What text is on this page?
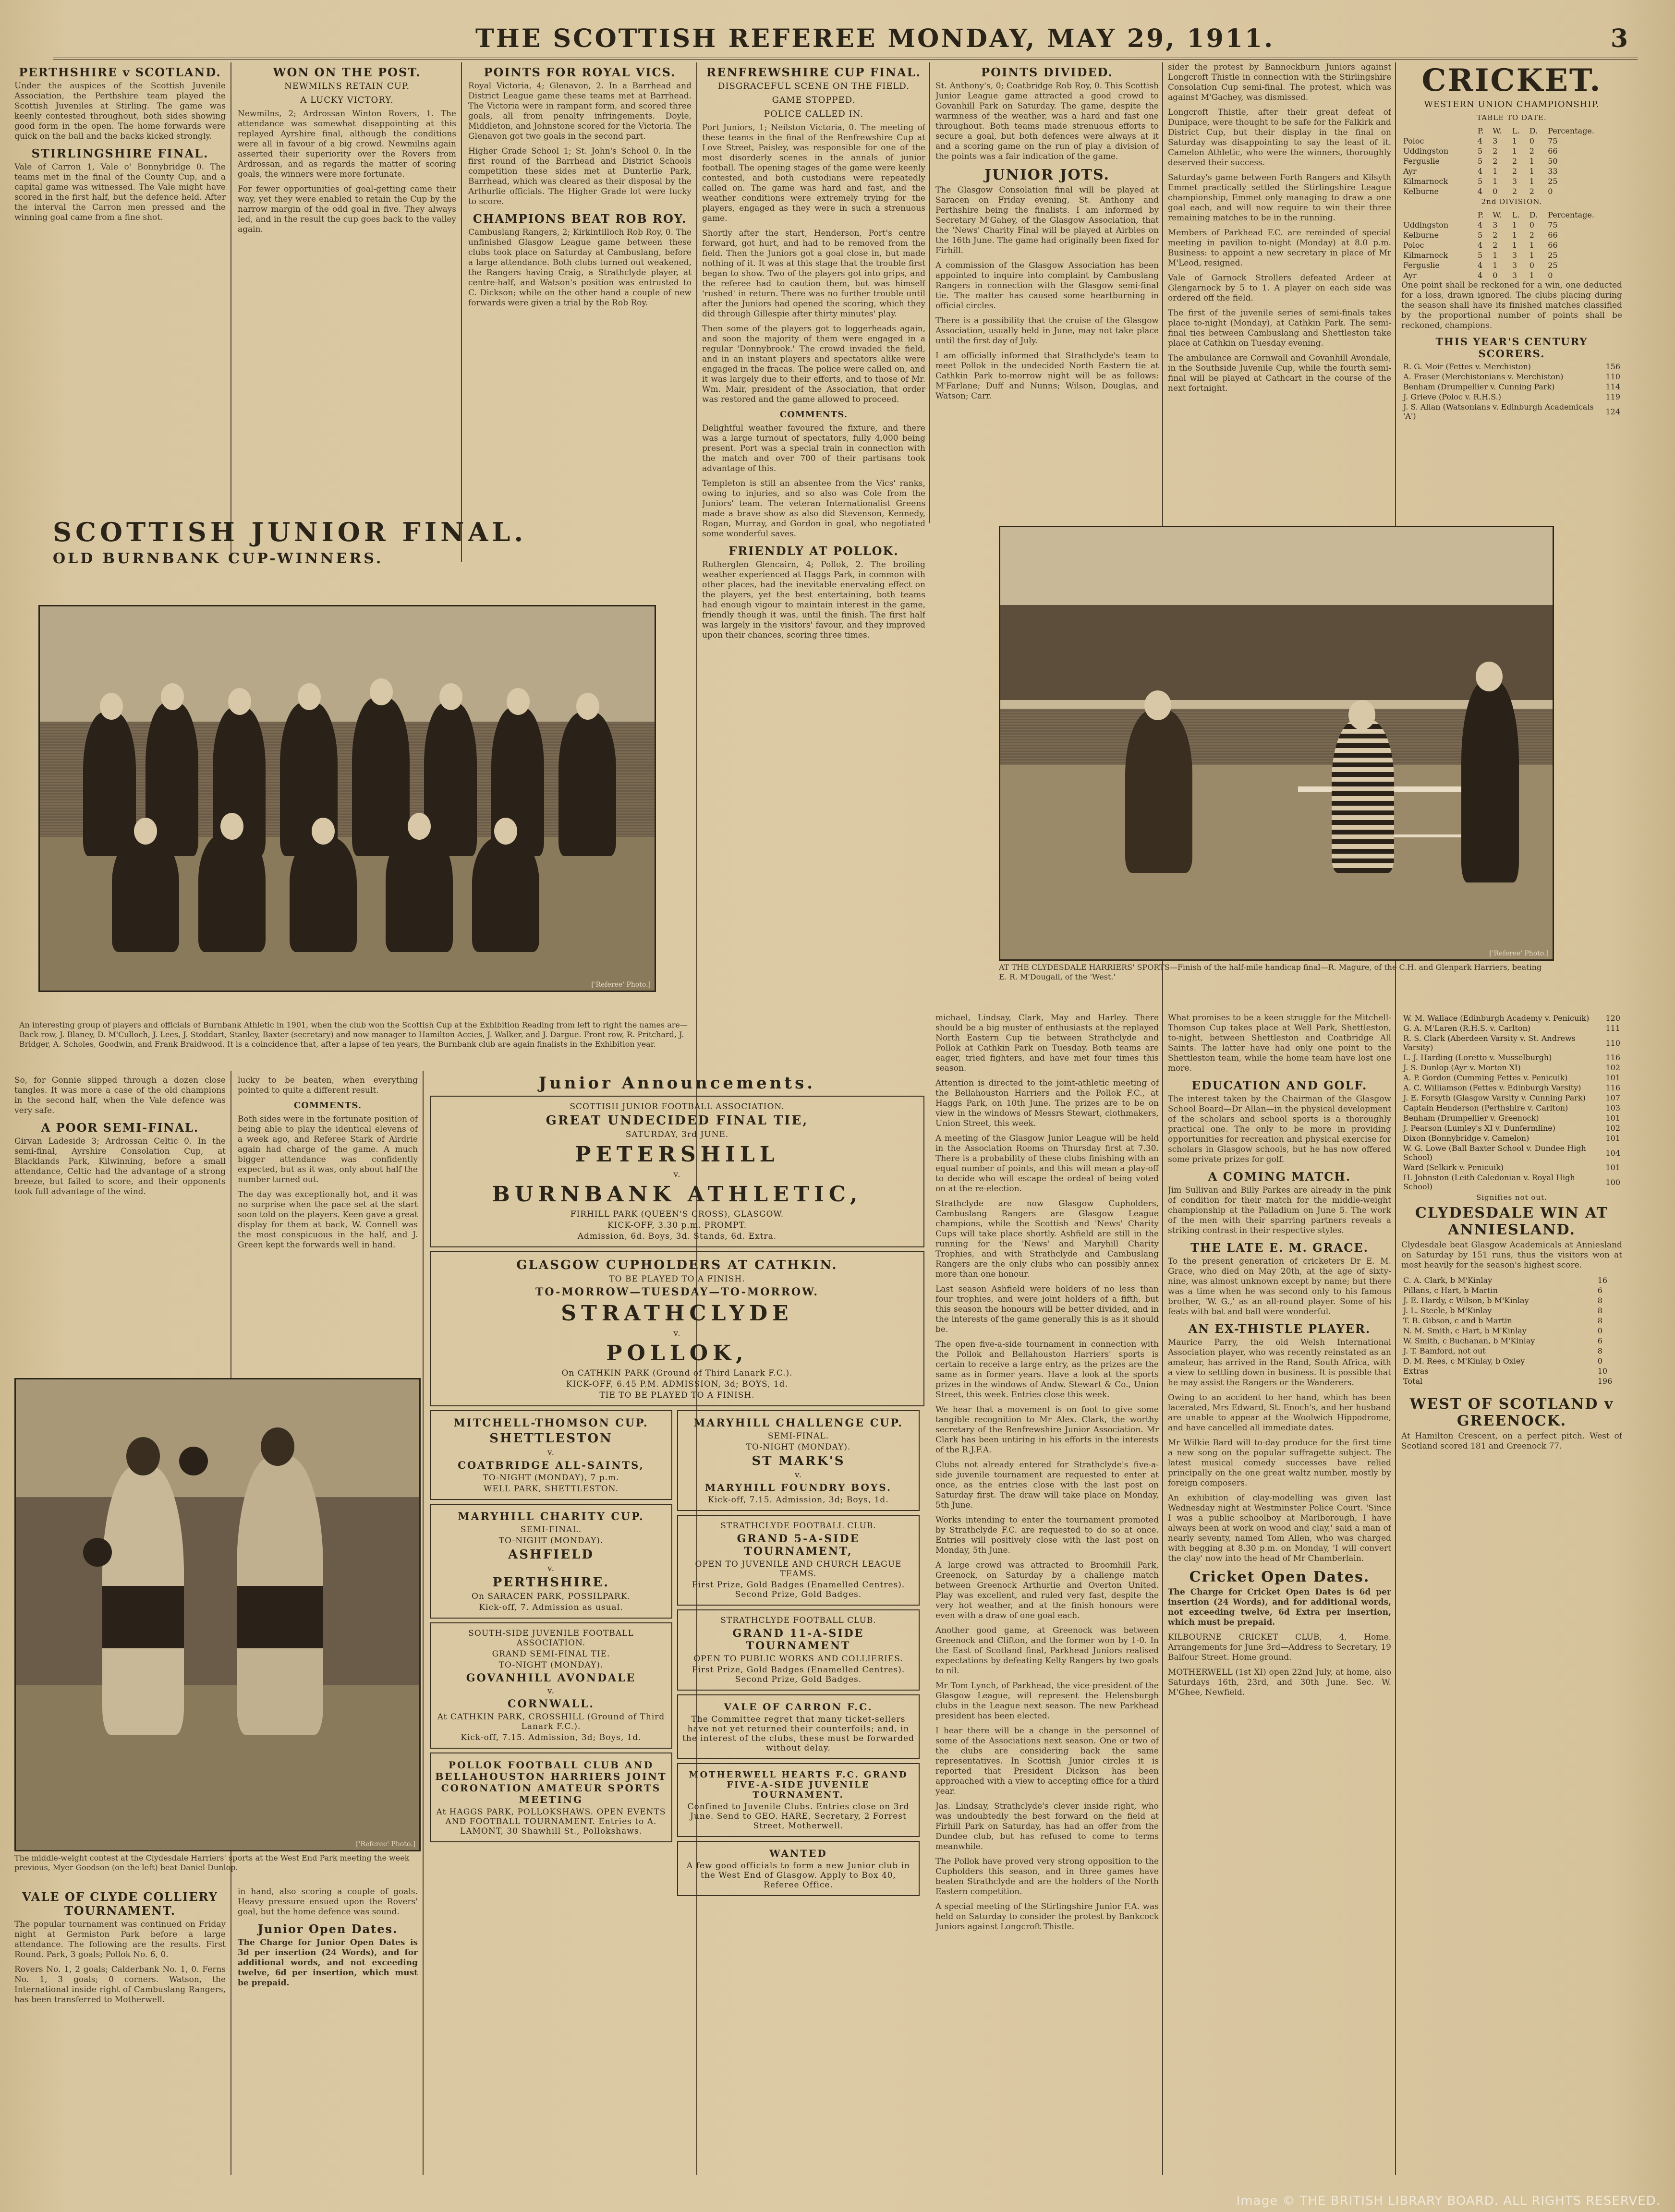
THE SCOTTISH REFEREE MONDAY, MAY 29, 1911.	3
PERTHSHIRE v SCOTLAND.

Under the auspices of the Scottish Juvenile Association, the Perthshire team played the Scottish Juveniles at Stirling. The game was keenly contested throughout, both sides showing good form in the open. The home forwards were quick on the ball and the backs kicked strongly.

STIRLINGSHIRE FINAL.

Vale of Carron 1, Vale o' Bonnybridge 0. The teams met in the final of the County Cup, and a capital game was witnessed. The Vale might have scored in the first half, but the defence held. After the interval the Carron men pressed and the winning goal came from a fine shot.

WON ON THE POST.
NEWMILNS RETAIN CUP.
A LUCKY VICTORY.

Newmilns, 2; Ardrossan Winton Rovers, 1. The attendance was somewhat disappointing at this replayed Ayrshire final, although the conditions were all in favour of a big crowd. Newmilns again asserted their superiority over the Rovers from Ardrossan, and as regards the matter of scoring goals, the winners were more fortunate.

For fewer opportunities of goal-getting came their way, yet they were enabled to retain the Cup by the narrow margin of the odd goal in five. They always led, and in the result the cup goes back to the valley again.

POINTS FOR ROYAL VICS.

Royal Victoria, 4; Glenavon, 2. In a Barrhead and District League game these teams met at Barrhead. The Victoria were in rampant form, and scored three goals, all from penalty infringements. Doyle, Middleton, and Johnstone scored for the Victoria. The Glenavon got two goals in the second part.

Higher Grade School 1; St. John's School 0. In the first round of the Barrhead and District Schools competition these sides met at Dunterlie Park, Barrhead, which was cleared as their disposal by the Arthurlie officials. The Higher Grade lot were lucky to score.

CHAMPIONS BEAT ROB ROY.

Cambuslang Rangers, 2; Kirkintilloch Rob Roy, 0. The unfinished Glasgow League game between these clubs took place on Saturday at Cambuslang, before a large attendance. Both clubs turned out weakened, the Rangers having Craig, a Strathclyde player, at centre-half, and Watson's position was entrusted to C. Dickson; while on the other hand a couple of new forwards were given a trial by the Rob Roy.

SCOTTISH JUNIOR FINAL.
OLD BURNBANK CUP-WINNERS.
['Referee' Photo.]
RENFREWSHIRE CUP FINAL.
DISGRACEFUL SCENE ON THE FIELD.
GAME STOPPED.
POLICE CALLED IN.

Port Juniors, 1; Neilston Victoria, 0. The meeting of these teams in the final of the Renfrewshire Cup at Love Street, Paisley, was responsible for one of the most disorderly scenes in the annals of junior football. The opening stages of the game were keenly contested, and both custodians were repeatedly called on. The game was hard and fast, and the weather conditions were extremely trying for the players, engaged as they were in such a strenuous game.

Shortly after the start, Henderson, Port's centre forward, got hurt, and had to be removed from the field. Then the Juniors got a goal close in, but made nothing of it. It was at this stage that the trouble first began to show. Two of the players got into grips, and the referee had to caution them, but was himself 'rushed' in return. There was no further trouble until after the Juniors had opened the scoring, which they did through Gillespie after thirty minutes' play.

Then some of the players got to loggerheads again, and soon the majority of them were engaged in a regular 'Donnybrook.' The crowd invaded the field, and in an instant players and spectators alike were engaged in the fracas. The police were called on, and it was largely due to their efforts, and to those of Mr. Wm. Mair, president of the Association, that order was restored and the game allowed to proceed.

COMMENTS.

Delightful weather favoured the fixture, and there was a large turnout of spectators, fully 4,000 being present. Port was a special train in connection with the match and over 700 of their partisans took advantage of this.

Templeton is still an absentee from the Vics' ranks, owing to injuries, and so also was Cole from the Juniors' team. The veteran Internationalist Greens made a brave show as also did Stevenson, Kennedy, Rogan, Murray, and Gordon in goal, who negotiated some wonderful saves.

FRIENDLY AT POLLOK.

Rutherglen Glencairn, 4; Pollok, 2. The broiling weather experienced at Haggs Park, in common with other places, had the inevitable enervating effect on the players, yet the best entertaining, both teams had enough vigour to maintain interest in the game, friendly though it was, until the finish. The first half was largely in the visitors' favour, and they improved upon their chances, scoring three times.

POINTS DIVIDED.

St. Anthony's, 0; Coatbridge Rob Roy, 0. This Scottish Junior League game attracted a good crowd to Govanhill Park on Saturday. The game, despite the warmness of the weather, was a hard and fast one throughout. Both teams made strenuous efforts to secure a goal, but both defences were always at it and a scoring game on the run of play a division of the points was a fair indication of the game.

JUNIOR JOTS.

The Glasgow Consolation final will be played at Saracen on Friday evening, St. Anthony and Perthshire being the finalists. I am informed by Secretary M'Gahey, of the Glasgow Association, that the 'News' Charity Final will be played at Airbles on the 16th June. The game had originally been fixed for Firhill.

A commission of the Glasgow Association has been appointed to inquire into complaint by Cambuslang Rangers in connection with the Glasgow semi-final tie. The matter has caused some heartburning in official circles.

There is a possibility that the cruise of the Glasgow Association, usually held in June, may not take place until the first day of July.

I am officially informed that Strathclyde's team to meet Pollok in the undecided North Eastern tie at Cathkin Park to-morrow night will be as follows: M'Farlane; Duff and Nunns; Wilson, Douglas, and Watson; Carr.

sider the protest by Bannockburn Juniors against Longcroft Thistle in connection with the Stirlingshire Consolation Cup semi-final. The protest, which was against M'Gachey, was dismissed.

Longcroft Thistle, after their great defeat of Dunipace, were thought to be safe for the Falkirk and District Cup, but their display in the final on Saturday was disappointing to say the least of it. Camelon Athletic, who were the winners, thoroughly deserved their success.

Saturday's game between Forth Rangers and Kilsyth Emmet practically settled the Stirlingshire League championship, Emmet only managing to draw a one goal each, and will now require to win their three remaining matches to be in the running.

Members of Parkhead F.C. are reminded of special meeting in pavilion to-night (Monday) at 8.0 p.m. Business: to appoint a new secretary in place of Mr M'Leod, resigned.

Vale of Garnock Strollers defeated Ardeer at Glengarnock by 5 to 1. A player on each side was ordered off the field.

The first of the juvenile series of semi-finals takes place to-night (Monday), at Cathkin Park. The semi-final ties between Cambuslang and Shettleston take place at Cathkin on Tuesday evening.

The ambulance are Cornwall and Govanhill Avondale, in the Southside Juvenile Cup, while the fourth semi-final will be played at Cathcart in the course of the next fortnight.

['Referee' Photo.]
AT THE CLYDESDALE HARRIERS' SPORTS—Finish of the half-mile handicap final—R. Magure, of the C.H. and Glenpark Harriers, beating E. R. M'Dougall, of the 'West.'
CRICKET.
WESTERN UNION CHAMPIONSHIP.
TABLE TO DATE.
	P.	W.	L.	D.	Percentage.
Poloc	4	3	1	0	75
Uddingston	5	2	1	2	66
Ferguslie	5	2	2	1	50
Ayr	4	1	2	1	33
Kilmarnock	5	1	3	1	25
Kelburne	4	0	2	2	0
2nd DIVISION.
	P.	W.	L.	D.	Percentage.
Uddingston	4	3	1	0	75
Kelburne	5	2	1	2	66
Poloc	4	2	1	1	66
Kilmarnock	5	1	3	1	25
Ferguslie	4	1	3	0	25
Ayr	4	0	3	1	0

One point shall be reckoned for a win, one deducted for a loss, drawn ignored. The clubs placing during the season shall have its finished matches classified by the proportional number of points shall be reckoned, champions.

THIS YEAR'S CENTURY SCORERS.
R. G. Moir (Fettes v. Merchiston)	156
A. Fraser (Merchistonians v. Merchiston)	110
Benham (Drumpellier v. Cunning Park)	114
J. Grieve (Poloc v. R.H.S.)	119
J. S. Allan (Watsonians v. Edinburgh Academicals 'A')	124
An interesting group of players and officials of Burnbank Athletic in 1901, when the club won the Scottish Cup at the Exhibition Reading from left to right the names are—Back row, J. Blaney, D. M'Culloch, J. Lees, J. Stoddart, Stanley, Baxter (secretary) and now manager to Hamilton Accies, J. Walker, and J. Dargue. Front row, R. Pritchard, J. Bridger, A. Scholes, Goodwin, and Frank Braidwood. It is a coincidence that, after a lapse of ten years, the Burnbank club are again finalists in the Exhibition year.

So, for Gonnie slipped through a dozen close tangles. It was more a case of the old champions in the second half, when the Vale defence was very safe.

A POOR SEMI-FINAL.

Girvan Ladeside 3; Ardrossan Celtic 0. In the semi-final, Ayrshire Consolation Cup, at Blacklands Park, Kilwinning, before a small attendance, Celtic had the advantage of a strong breeze, but failed to score, and their opponents took full advantage of the wind.

lucky to be beaten, when everything pointed to quite a different result.

COMMENTS.

Both sides were in the fortunate position of being able to play the identical elevens of a week ago, and Referee Stark of Airdrie again had charge of the game. A much bigger attendance was confidently expected, but as it was, only about half the number turned out.

The day was exceptionally hot, and it was no surprise when the pace set at the start soon told on the players. Keen gave a great display for them at back, W. Connell was the most conspicuous in the half, and J. Green kept the forwards well in hand.

['Referee' Photo.]
The middle-weight contest at the Clydesdale Harriers' sports at the West End Park meeting the week previous, Myer Goodson (on the left) beat Daniel Dunlop.
VALE OF CLYDE COLLIERY TOURNAMENT.

The popular tournament was continued on Friday night at Germiston Park before a large attendance. The following are the results. First Round. Park, 3 goals; Pollok No. 6, 0.

Rovers No. 1, 2 goals; Calderbank No. 1, 0. Ferns No. 1, 3 goals; 0 corners. Watson, the International inside right of Cambuslang Rangers, has been transferred to Motherwell.

in hand, also scoring a couple of goals. Heavy pressure ensued upon the Rovers' goal, but the home defence was sound.

Junior Open Dates.

The Charge for Junior Open Dates is 3d per insertion (24 Words), and for additional words, and not exceeding twelve, 6d per insertion, which must be prepaid.

Junior Announcements.
SCOTTISH JUNIOR FOOTBALL ASSOCIATION.
GREAT UNDECIDED FINAL TIE,
SATURDAY, 3rd JUNE.
PETERSHILL
v.
BURNBANK ATHLETIC,
FIRHILL PARK (QUEEN'S CROSS), GLASGOW.
KICK-OFF, 3.30 p.m. PROMPT.
Admission, 6d. Boys, 3d. Stands, 6d. Extra.
GLASGOW CUPHOLDERS AT CATHKIN.
TO BE PLAYED TO A FINISH.
TO-MORROW—TUESDAY—TO-MORROW.
STRATHCLYDE
v.
POLLOK,
On CATHKIN PARK (Ground of Third Lanark F.C.).
KICK-OFF, 6.45 P.M. ADMISSION, 3d; BOYS, 1d.
TIE TO BE PLAYED TO A FINISH.
MITCHELL-THOMSON CUP.
SHETTLESTON
v.
COATBRIDGE ALL-SAINTS,
TO-NIGHT (MONDAY), 7 p.m.
WELL PARK, SHETTLESTON.
MARYHILL CHARITY CUP.
SEMI-FINAL.
TO-NIGHT (MONDAY).
ASHFIELD
v.
PERTHSHIRE.
On SARACEN PARK, POSSILPARK.
Kick-off, 7. Admission as usual.
SOUTH-SIDE JUVENILE FOOTBALL ASSOCIATION.
GRAND SEMI-FINAL TIE.
TO-NIGHT (MONDAY).
GOVANHILL AVONDALE
v.
CORNWALL.
At CATHKIN PARK, CROSSHILL (Ground of Third Lanark F.C.).
Kick-off, 7.15. Admission, 3d; Boys, 1d.
POLLOK FOOTBALL CLUB AND BELLAHOUSTON HARRIERS JOINT CORONATION AMATEUR SPORTS MEETING
At HAGGS PARK, POLLOKSHAWS. OPEN EVENTS AND FOOTBALL TOURNAMENT. Entries to A. LAMONT, 30 Shawhill St., Pollokshaws.
MARYHILL CHALLENGE CUP.
SEMI-FINAL.
TO-NIGHT (MONDAY).
ST MARK'S
v.
MARYHILL FOUNDRY BOYS.
Kick-off, 7.15. Admission, 3d; Boys, 1d.
STRATHCLYDE FOOTBALL CLUB.
GRAND 5-A-SIDE TOURNAMENT,
OPEN TO JUVENILE AND CHURCH LEAGUE TEAMS.
First Prize, Gold Badges (Enamelled Centres). Second Prize, Gold Badges.
STRATHCLYDE FOOTBALL CLUB.
GRAND 11-A-SIDE TOURNAMENT
OPEN TO PUBLIC WORKS AND COLLIERIES.
First Prize, Gold Badges (Enamelled Centres). Second Prize, Gold Badges.
VALE OF CARRON F.C.
The Committee regret that many ticket-sellers have not yet returned their counterfoils; and, in the interest of the clubs, these must be forwarded without delay.
MOTHERWELL HEARTS F.C. GRAND FIVE-A-SIDE JUVENILE TOURNAMENT.
Confined to Juvenile Clubs. Entries close on 3rd June. Send to GEO. HARE, Secretary, 2 Forrest Street, Motherwell.
WANTED
A few good officials to form a new Junior club in the West End of Glasgow. Apply to Box 40, Referee Office.

michael, Lindsay, Clark, May and Harley. There should be a big muster of enthusiasts at the replayed North Eastern Cup tie between Strathclyde and Pollok at Cathkin Park on Tuesday. Both teams are eager, tried fighters, and have met four times this season.

Attention is directed to the joint-athletic meeting of the Bellahouston Harriers and the Pollok F.C., at Haggs Park, on 10th June. The prizes are to be on view in the windows of Messrs Stewart, clothmakers, Union Street, this week.

A meeting of the Glasgow Junior League will be held in the Association Rooms on Thursday first at 7.30. There is a probability of these clubs finishing with an equal number of points, and this will mean a play-off to decide who will escape the ordeal of being voted on at the re-election.

Strathclyde are now Glasgow Cupholders, Cambuslang Rangers are Glasgow League champions, while the Scottish and 'News' Charity Cups will take place shortly. Ashfield are still in the running for the 'News' and Maryhill Charity Trophies, and with Strathclyde and Cambuslang Rangers are the only clubs who can possibly annex more than one honour.

Last season Ashfield were holders of no less than four trophies, and were joint holders of a fifth, but this season the honours will be better divided, and in the interests of the game generally this is as it should be.

The open five-a-side tournament in connection with the Pollok and Bellahouston Harriers' sports is certain to receive a large entry, as the prizes are the same as in former years. Have a look at the sports prizes in the windows of Andw. Stewart & Co., Union Street, this week. Entries close this week.

We hear that a movement is on foot to give some tangible recognition to Mr Alex. Clark, the worthy secretary of the Renfrewshire Junior Association. Mr Clark has been untiring in his efforts in the interests of the R.J.F.A.

Clubs not already entered for Strathclyde's five-a-side juvenile tournament are requested to enter at once, as the entries close with the last post on Saturday first. The draw will take place on Monday, 5th June.

Works intending to enter the tournament promoted by Strathclyde F.C. are requested to do so at once. Entries will positively close with the last post on Monday, 5th June.

A large crowd was attracted to Broomhill Park, Greenock, on Saturday by a challenge match between Greenock Arthurlie and Overton United. Play was excellent, and ruled very fast, despite the very hot weather, and at the finish honours were even with a draw of one goal each.

Another good game, at Greenock was between Greenock and Clifton, and the former won by 1-0. In the East of Scotland final, Parkhead Juniors realised expectations by defeating Kelty Rangers by two goals to nil.

Mr Tom Lynch, of Parkhead, the vice-president of the Glasgow League, will represent the Helensburgh clubs in the League next season. The new Parkhead president has been elected.

I hear there will be a change in the personnel of some of the Associations next season. One or two of the clubs are considering back the same representatives. In Scottish Junior circles it is reported that President Dickson has been approached with a view to accepting office for a third year.

Jas. Lindsay, Strathclyde's clever inside right, who was undoubtedly the best forward on the field at Firhill Park on Saturday, has had an offer from the Dundee club, but has refused to come to terms meanwhile.

The Pollok have proved very strong opposition to the Cupholders this season, and in three games have beaten Strathclyde and are the holders of the North Eastern competition.

A special meeting of the Stirlingshire Junior F.A. was held on Saturday to consider the protest by Bankcock Juniors against Longcroft Thistle.

What promises to be a keen struggle for the Mitchell-Thomson Cup takes place at Well Park, Shettleston, to-night, between Shettleston and Coatbridge All Saints. The latter have had only one point to the Shettleston team, while the home team have lost one more.

EDUCATION AND GOLF.

The interest taken by the Chairman of the Glasgow School Board—Dr Allan—in the physical development of the scholars and school sports is a thoroughly practical one. The only to be more in providing opportunities for recreation and physical exercise for scholars in Glasgow schools, but he has now offered some private prizes for golf.

A COMING MATCH.

Jim Sullivan and Billy Parkes are already in the pink of condition for their match for the middle-weight championship at the Palladium on June 5. The work of the men with their sparring partners reveals a striking contrast in their respective styles.

THE LATE E. M. GRACE.

To the present generation of cricketers Dr E. M. Grace, who died on May 20th, at the age of sixty-nine, was almost unknown except by name; but there was a time when he was second only to his famous brother, 'W. G.,' as an all-round player. Some of his feats with bat and ball were wonderful.

AN EX-THISTLE PLAYER.

Maurice Parry, the old Welsh International Association player, who was recently reinstated as an amateur, has arrived in the Rand, South Africa, with a view to settling down in business. It is possible that he may assist the Rangers or the Wanderers.

Owing to an accident to her hand, which has been lacerated, Mrs Edward, St. Enoch's, and her husband are unable to appear at the Woolwich Hippodrome, and have cancelled all immediate dates.

Mr Wilkie Bard will to-day produce for the first time a new song on the popular suffragette subject. The latest musical comedy successes have relied principally on the one great waltz number, mostly by foreign composers.

An exhibition of clay-modelling was given last Wednesday night at Westminster Police Court. 'Since I was a public schoolboy at Marlborough, I have always been at work on wood and clay,' said a man of nearly seventy, named Tom Allen, who was charged with begging at 8.30 p.m. on Monday, 'I will convert the clay' now into the head of Mr Chamberlain.

Cricket Open Dates.

The Charge for Cricket Open Dates is 6d per insertion (24 Words), and for additional words, not exceeding twelve, 6d Extra per insertion, which must be prepaid.

KILBOURNE CRICKET CLUB, 4, Home. Arrangements for June 3rd—Address to Secretary, 19 Balfour Street. Home ground.

MOTHERWELL (1st XI) open 22nd July, at home, also Saturdays 16th, 23rd, and 30th June. Sec. W. M'Ghee, Newfield.

W. M. Wallace (Edinburgh Academy v. Penicuik)	120
G. A. M'Laren (R.H.S. v. Carlton)	111
R. S. Clark (Aberdeen Varsity v. St. Andrews Varsity)	110
L. J. Harding (Loretto v. Musselburgh)	116
J. S. Dunlop (Ayr v. Morton XI)	102
A. P. Gordon (Cumming Fettes v. Penicuik)	101
A. C. Williamson (Fettes v. Edinburgh Varsity)	116
J. E. Forsyth (Glasgow Varsity v. Cunning Park)	107
Captain Henderson (Perthshire v. Carlton)	103
Benham (Drumpellier v. Greenock)	101
J. Pearson (Lumley's XI v. Dunfermline)	102
Dixon (Bonnybridge v. Camelon)	101
W. G. Lowe (Ball Baxter School v. Dundee High School)	104
Ward (Selkirk v. Penicuik)	101
H. Johnston (Leith Caledonian v. Royal High School)	100
Signifies not out.
CLYDESDALE WIN AT ANNIESLAND.

Clydesdale beat Glasgow Academicals at Anniesland on Saturday by 151 runs, thus the visitors won at most heavily for the season's highest score.

C. A. Clark, b M'Kinlay	16
Pillans, c Hart, b Martin	6
J. E. Hardy, c Wilson, b M'Kinlay	8
J. L. Steele, b M'Kinlay	8
T. B. Gibson, c and b Martin	8
N. M. Smith, c Hart, b M'Kinlay	0
W. Smith, c Buchanan, b M'Kinlay	6
J. T. Bamford, not out	8
D. M. Rees, c M'Kinlay, b Oxley	0
Extras	10
Total	196
WEST OF SCOTLAND v GREENOCK.

At Hamilton Crescent, on a perfect pitch. West of Scotland scored 181 and Greenock 77.

Image © THE BRITISH LIBRARY BOARD. ALL RIGHTS RESERVED.
